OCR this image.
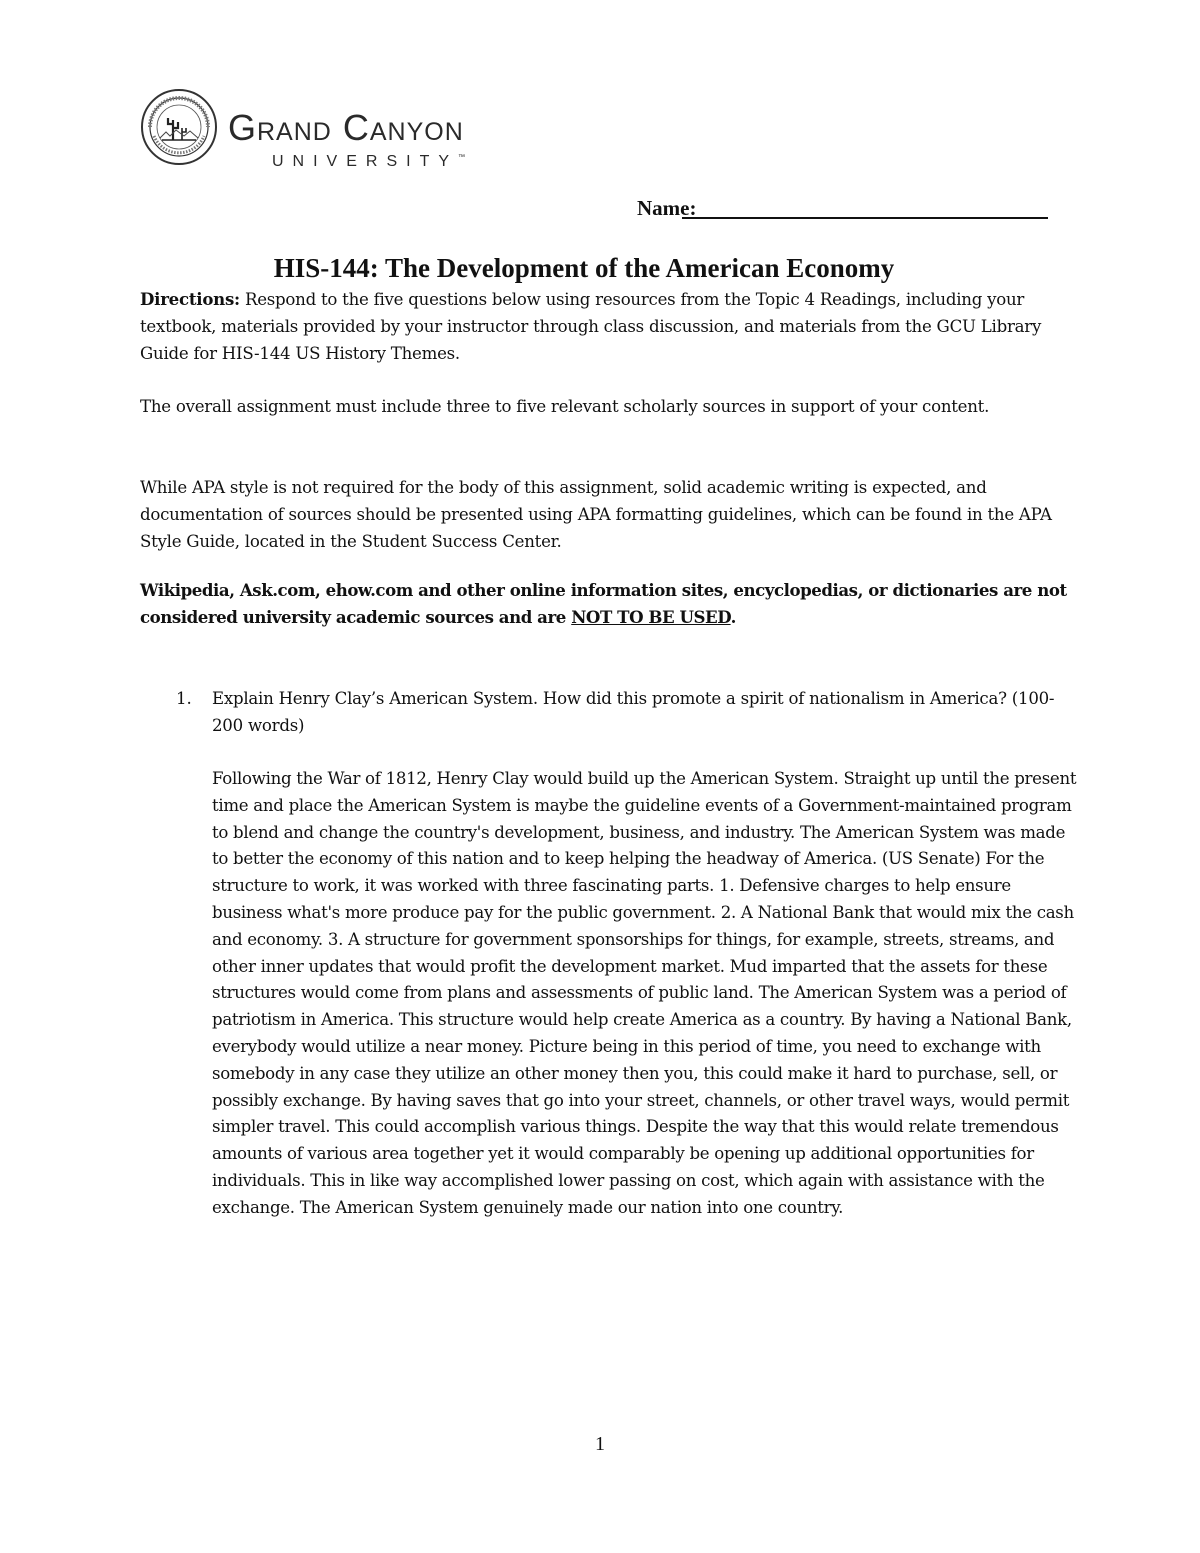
Grand Canyon
UNIVERSITY™
Name:
HIS-144: The Development of the American Economy

Directions: Respond to the five questions below using resources from the Topic 4 Readings, including your textbook, materials provided by your instructor through class discussion, and materials from the GCU Library Guide for HIS-144 US History Themes.

The overall assignment must include three to five relevant scholarly sources in support of your content.

While APA style is not required for the body of this assignment, solid academic writing is expected, and documentation of sources should be presented using APA formatting guidelines, which can be found in the APA Style Guide, located in the Student Success Center.

Wikipedia, Ask.com, ehow.com and other online information sites, encyclopedias, or dictionaries are not considered university academic sources and are NOT TO BE USED.

1. Explain Henry Clay’s American System. How did this promote a spirit of nationalism in America? (100-200 words)

Following the War of 1812, Henry Clay would build up the American System. Straight up until the present time and place the American System is maybe the guideline events of a Government-maintained program to blend and change the country's development, business, and industry. The American System was made to better the economy of this nation and to keep helping the headway of America. (US Senate) For the structure to work, it was worked with three fascinating parts. 1. Defensive charges to help ensure business what's more produce pay for the public government. 2. A National Bank that would mix the cash and economy. 3. A structure for government sponsorships for things, for example, streets, streams, and other inner updates that would profit the development market. Mud imparted that the assets for these structures would come from plans and assessments of public land. The American System was a period of patriotism in America. This structure would help create America as a country. By having a National Bank, everybody would utilize a near money. Picture being in this period of time, you need to exchange with somebody in any case they utilize an other money then you, this could make it hard to purchase, sell, or possibly exchange. By having saves that go into your street, channels, or other travel ways, would permit simpler travel. This could accomplish various things. Despite the way that this would relate tremendous amounts of various area together yet it would comparably be opening up additional opportunities for individuals. This in like way accomplished lower passing on cost, which again with assistance with the exchange. The American System genuinely made our nation into one country.

1
